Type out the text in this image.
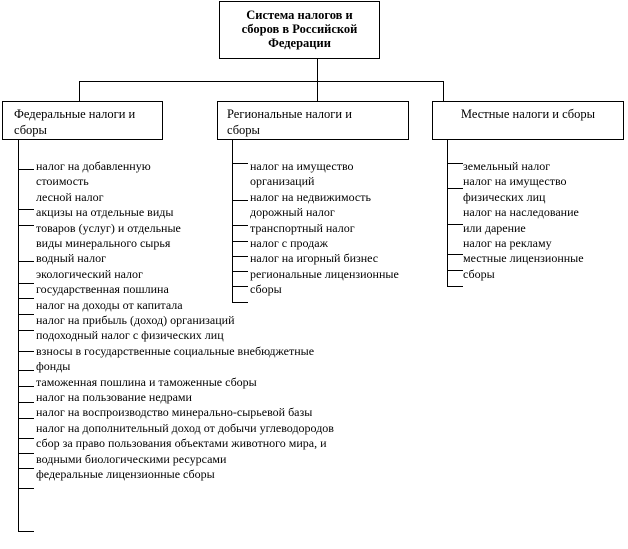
Система налогов и
сборов в Российской
Федерации
Федеральные налоги и сборы
Региональные налоги и
сборы
Местные налоги и сборы
налог на добавленную
стоимость
лесной налог
акцизы на отдельные виды
товаров (услуг) и отдельные
виды минерального сырья
водный налог
экологический налог
государственная пошлина
налог на доходы от капитала
налог на прибыль (доход) организаций
подоходный налог с физических лиц
взносы в государственные социальные внебюджетные
фонды
таможенная пошлина и таможенные сборы
налог на пользование недрами
налог на воспроизводство минерально-сырьевой базы
налог на дополнительный доход от добычи углеводородов
сбор за право пользования объектами животного мира, и
водными биологическими ресурсами
федеральные лицензионные сборы
налог на имущество
организаций
налог на недвижимость
дорожный налог
транспортный налог
налог с продаж
налог на игорный бизнес
региональные лицензионные
сборы
земельный налог
налог на имущество
физических лиц
налог на наследование
или дарение
налог на рекламу
местные лицензионные
сборы
